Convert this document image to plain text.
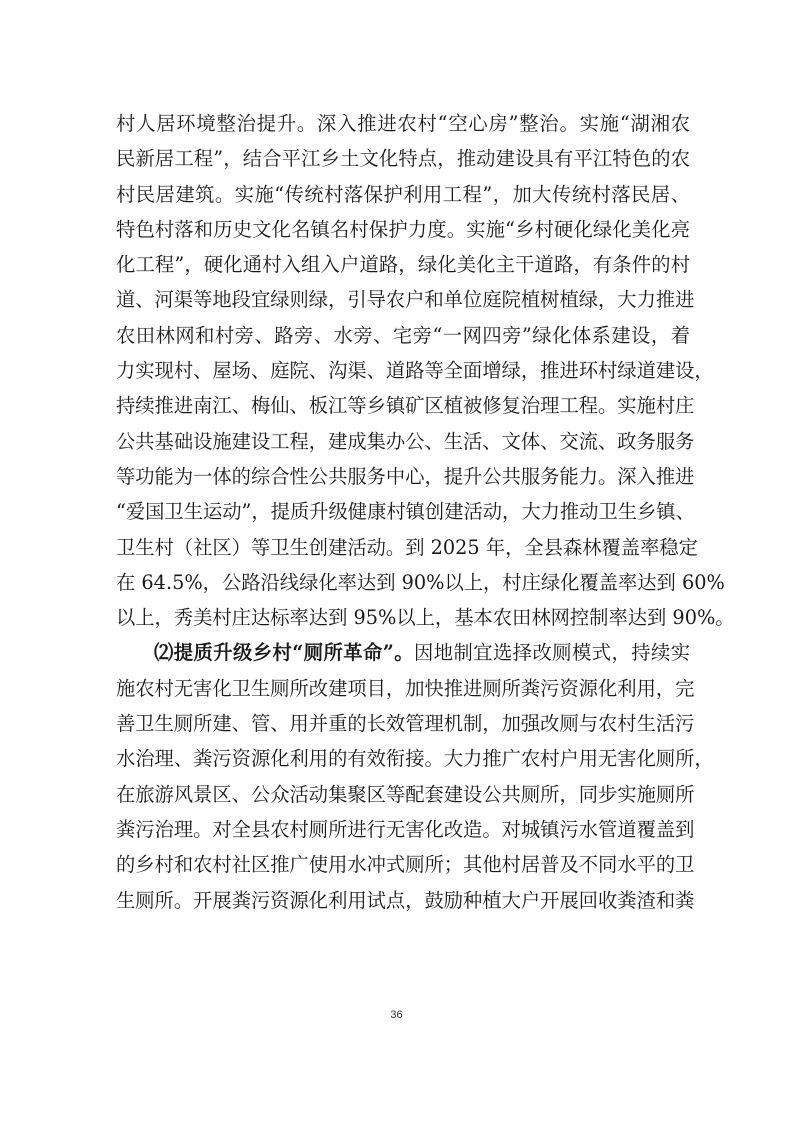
村人居环境整治提升。深入推进农村“空心房”整治。实施“湖湘农
民新居工程”，结合平江乡土文化特点，推动建设具有平江特色的农
村民居建筑。实施“传统村落保护利用工程”，加大传统村落民居、
特色村落和历史文化名镇名村保护力度。实施“乡村硬化绿化美化亮
化工程”，硬化通村入组入户道路，绿化美化主干道路，有条件的村
道、河渠等地段宜绿则绿，引导农户和单位庭院植树植绿，大力推进
农田林网和村旁、路旁、水旁、宅旁“一网四旁”绿化体系建设，着
力实现村、屋场、庭院、沟渠、道路等全面增绿，推进环村绿道建设，
持续推进南江、梅仙、板江等乡镇矿区植被修复治理工程。实施村庄
公共基础设施建设工程，建成集办公、生活、文体、交流、政务服务
等功能为一体的综合性公共服务中心，提升公共服务能力。深入推进
“爱国卫生运动”，提质升级健康村镇创建活动，大力推动卫生乡镇、
卫生村（社区）等卫生创建活动。到 2025 年，全县森林覆盖率稳定
在 64.5%，公路沿线绿化率达到 90%以上，村庄绿化覆盖率达到 60%
以上，秀美村庄达标率达到 95%以上，基本农田林网控制率达到 90%。
⑵提质升级乡村“厕所革命”。因地制宜选择改厕模式，持续实
施农村无害化卫生厕所改建项目，加快推进厕所粪污资源化利用，完
善卫生厕所建、管、用并重的长效管理机制，加强改厕与农村生活污
水治理、粪污资源化利用的有效衔接。大力推广农村户用无害化厕所，
在旅游风景区、公众活动集聚区等配套建设公共厕所，同步实施厕所
粪污治理。对全县农村厕所进行无害化改造。对城镇污水管道覆盖到
的乡村和农村社区推广使用水冲式厕所；其他村居普及不同水平的卫
生厕所。开展粪污资源化利用试点，鼓励种植大户开展回收粪渣和粪
36
